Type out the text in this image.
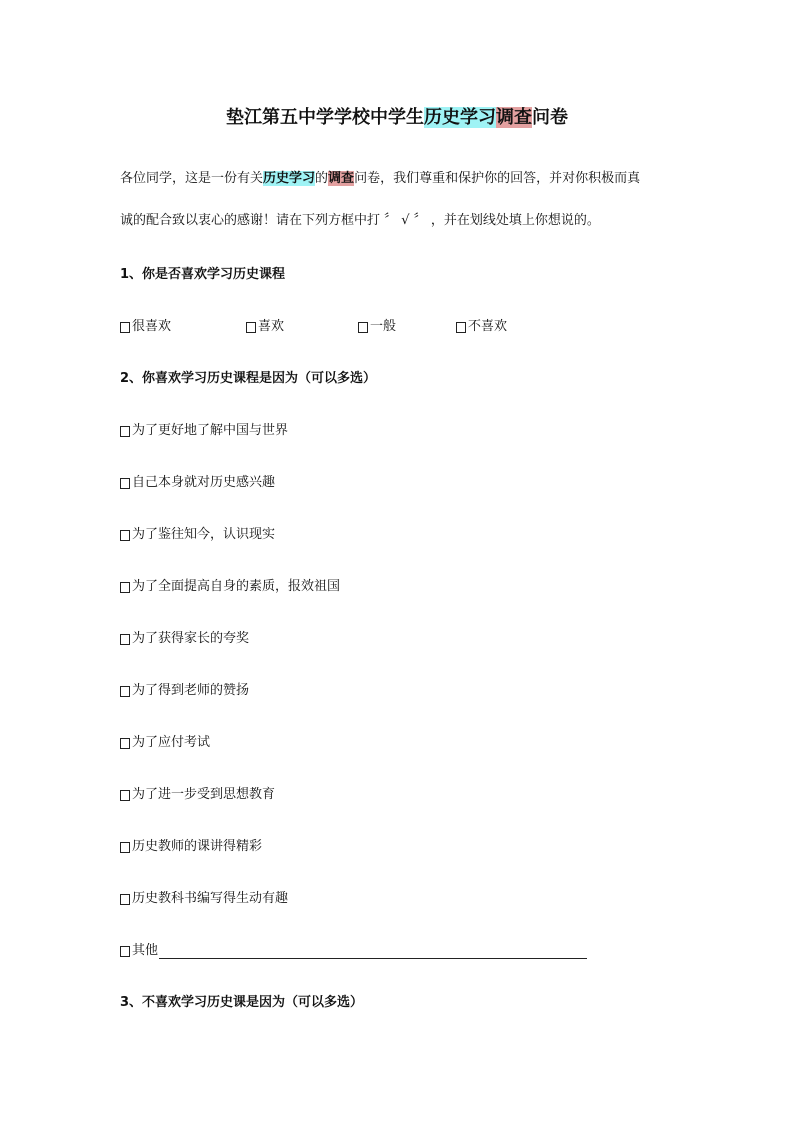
垫江第五中学学校中学生历史学习调查问卷
各位同学，这是一份有关历史学习的调查问卷，我们尊重和保护你的回答，并对你积极而真
诚的配合致以衷心的感谢！请在下列方框中打 〞 √ 〞 ，并在划线处填上你想说的。
1、你是否喜欢学习历史课程
很喜欢	喜欢	一般	不喜欢
2、你喜欢学习历史课程是因为（可以多选）
为了更好地了解中国与世界
自己本身就对历史感兴趣
为了鉴往知今，认识现实
为了全面提高自身的素质，报效祖国
为了获得家长的夸奖
为了得到老师的赞扬
为了应付考试
为了进一步受到思想教育
历史教师的课讲得精彩
历史教科书编写得生动有趣
其他
3、不喜欢学习历史课是因为（可以多选）
